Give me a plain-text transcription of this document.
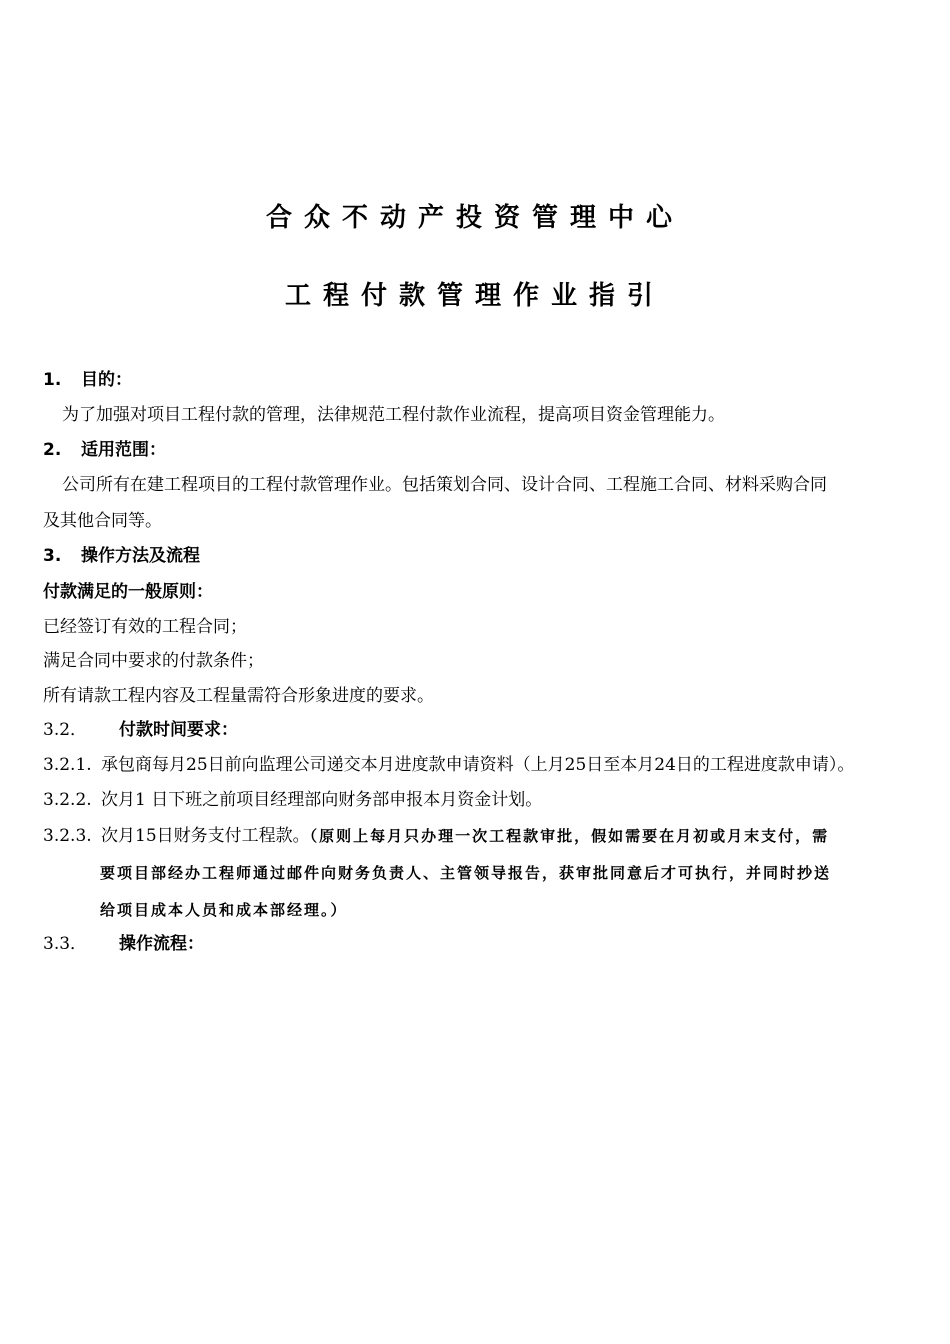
合众不动产投资管理中心
工程付款管理作业指引
1. 目的：
为了加强对项目工程付款的管理，法律规范工程付款作业流程，提高项目资金管理能力。
2. 适用范围：
公司所有在建工程项目的工程付款管理作业。包括策划合同、设计合同、工程施工合同、材料采购合同
及其他合同等。
3. 操作方法及流程
付款满足的一般原则：
已经签订有效的工程合同；
满足合同中要求的付款条件；
所有请款工程内容及工程量需符合形象进度的要求。
3.2． 付款时间要求：
3.2.1. 承包商每月25日前向监理公司递交本月进度款申请资料（上月25日至本月24日的工程进度款申请）。
3.2.2. 次月1 日下班之前项目经理部向财务部申报本月资金计划。
3.2.3. 次月15日财务支付工程款。（原则上每月只办理一次工程款审批，假如需要在月初或月末支付，需
要项目部经办工程师通过邮件向财务负责人、主管领导报告，获审批同意后才可执行，并同时抄送
给项目成本人员和成本部经理。）
3.3． 操作流程：
